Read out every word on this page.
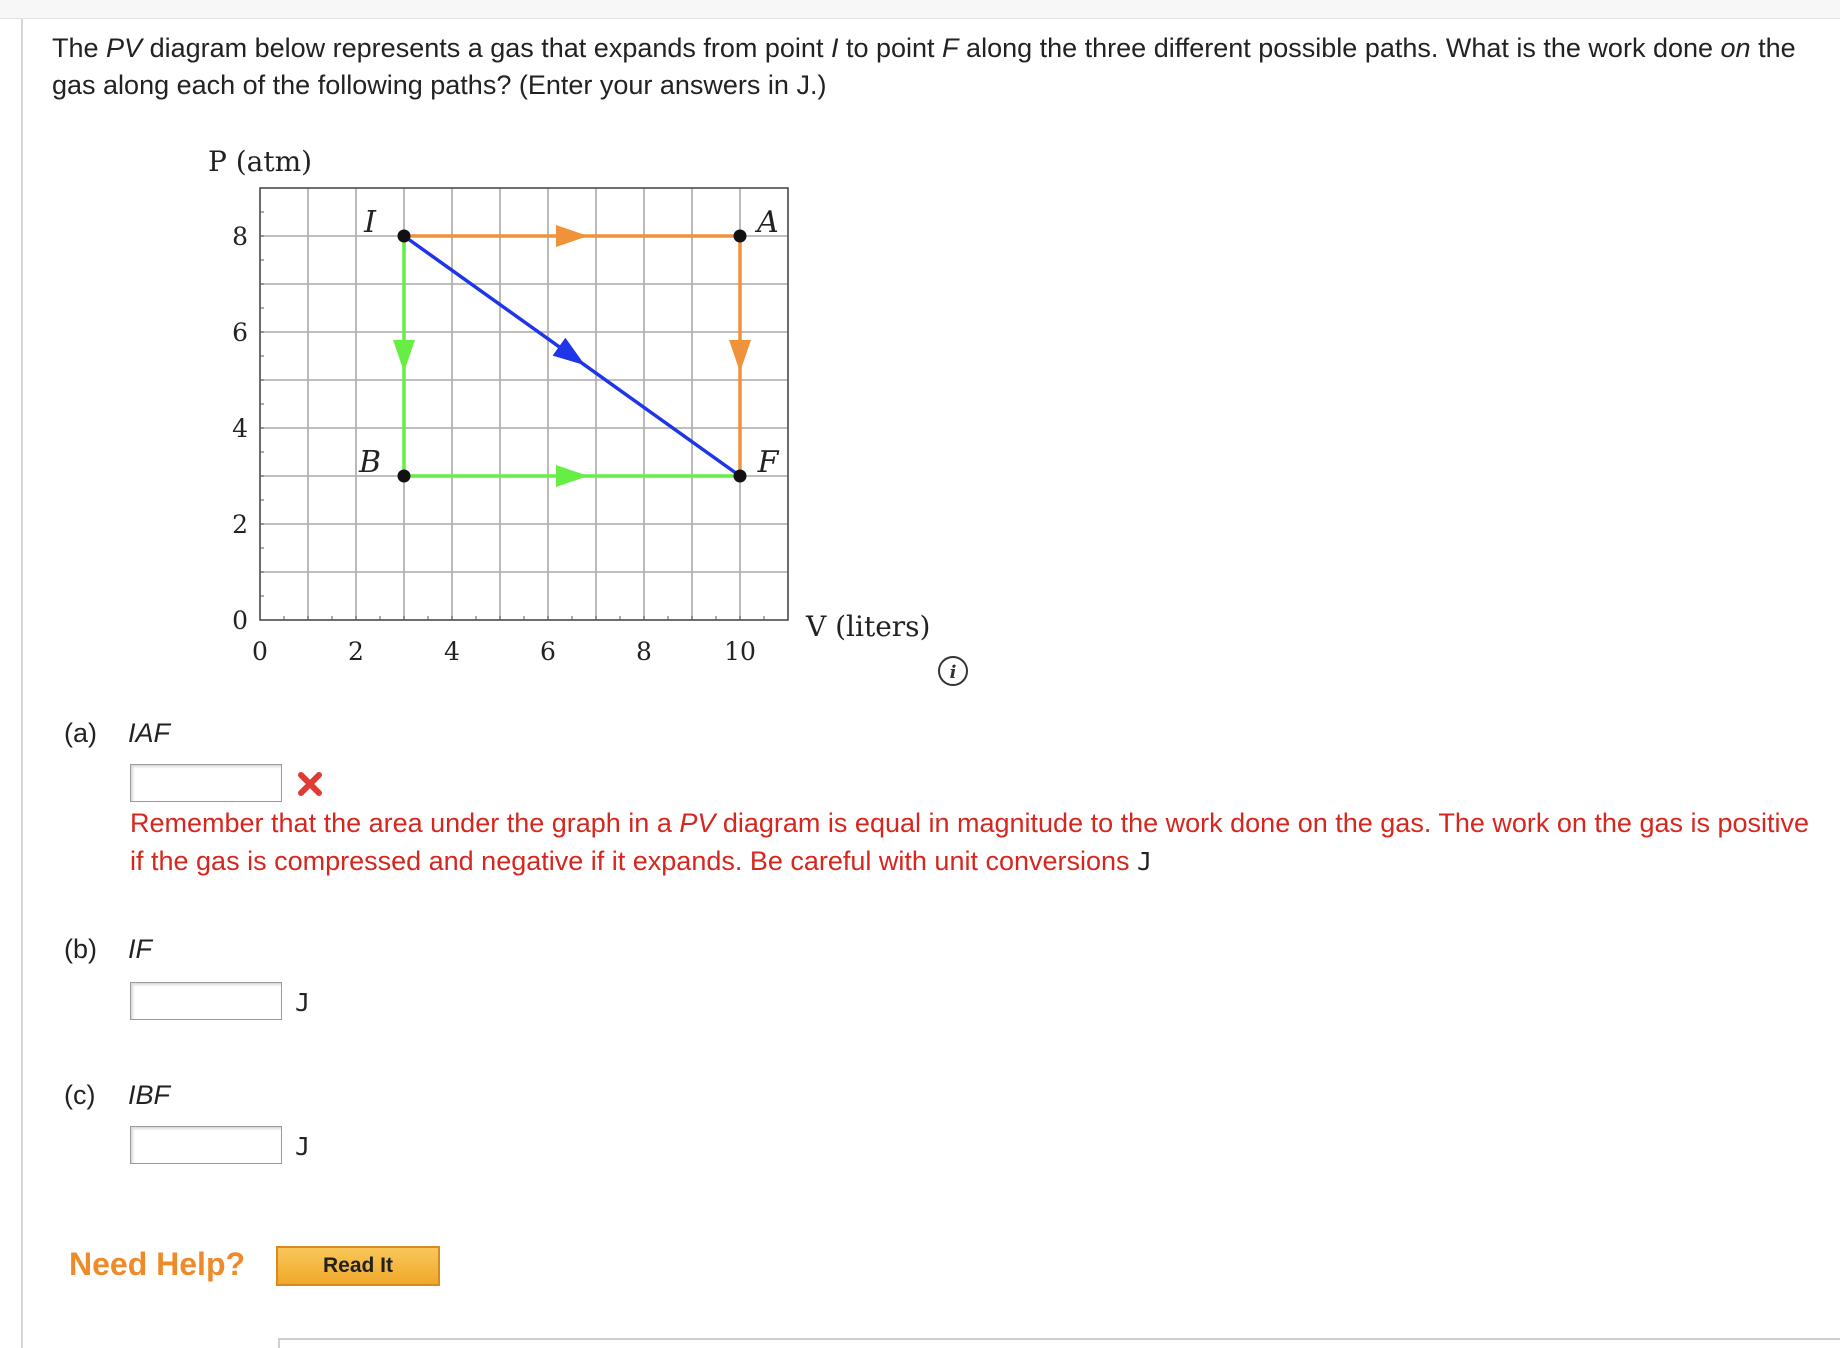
The PV diagram below represents a gas that expands from point I to point F along the three different possible paths. What is the work done on the gas along each of the following paths? (Enter your answers in J.)
0	2	4	6	8	10
0
2
4
6
8
P (atm)
V (liters)
I	A
B	F
i
(a) IAF
Remember that the area under the graph in a PV diagram is equal in magnitude to the work done on the gas. The work on the gas is positive if the gas is compressed and negative if it expands. Be careful with unit conversions J
(b) IF
J
(c) IBF
J
Need Help?	Read It
